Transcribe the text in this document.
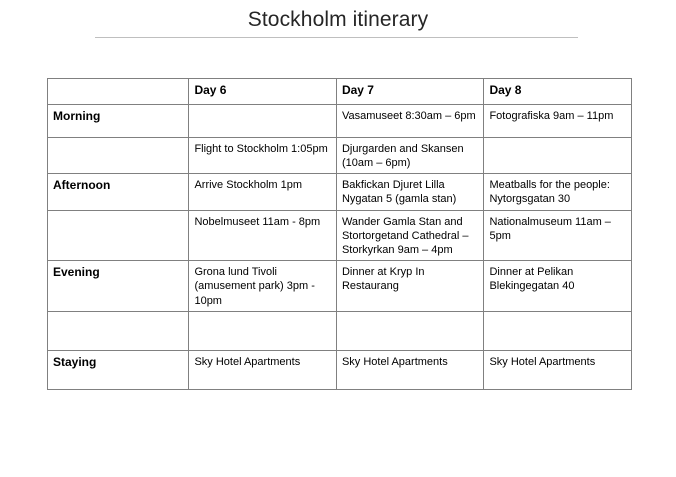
Stockholm itinerary
	Day 6	Day 7	Day 8
Morning		Vasamuseet 8:30am – 6pm	Fotografiska 9am – 11pm
	Flight to Stockholm 1:05pm	Djurgarden and Skansen (10am – 6pm)	
Afternoon	Arrive Stockholm 1pm	Bakfickan Djuret Lilla Nygatan 5 (gamla stan)	Meatballs for the people: Nytorgsgatan 30
	Nobelmuseet 11am - 8pm	Wander Gamla Stan and Stortorgetand Cathedral – Storkyrkan 9am – 4pm	Nationalmuseum 11am – 5pm
Evening	Grona lund Tivoli (amusement park) 3pm - 10pm	Dinner at Kryp In Restaurang	Dinner at Pelikan Blekingegatan 40

Staying	Sky Hotel Apartments	Sky Hotel Apartments	Sky Hotel Apartments
